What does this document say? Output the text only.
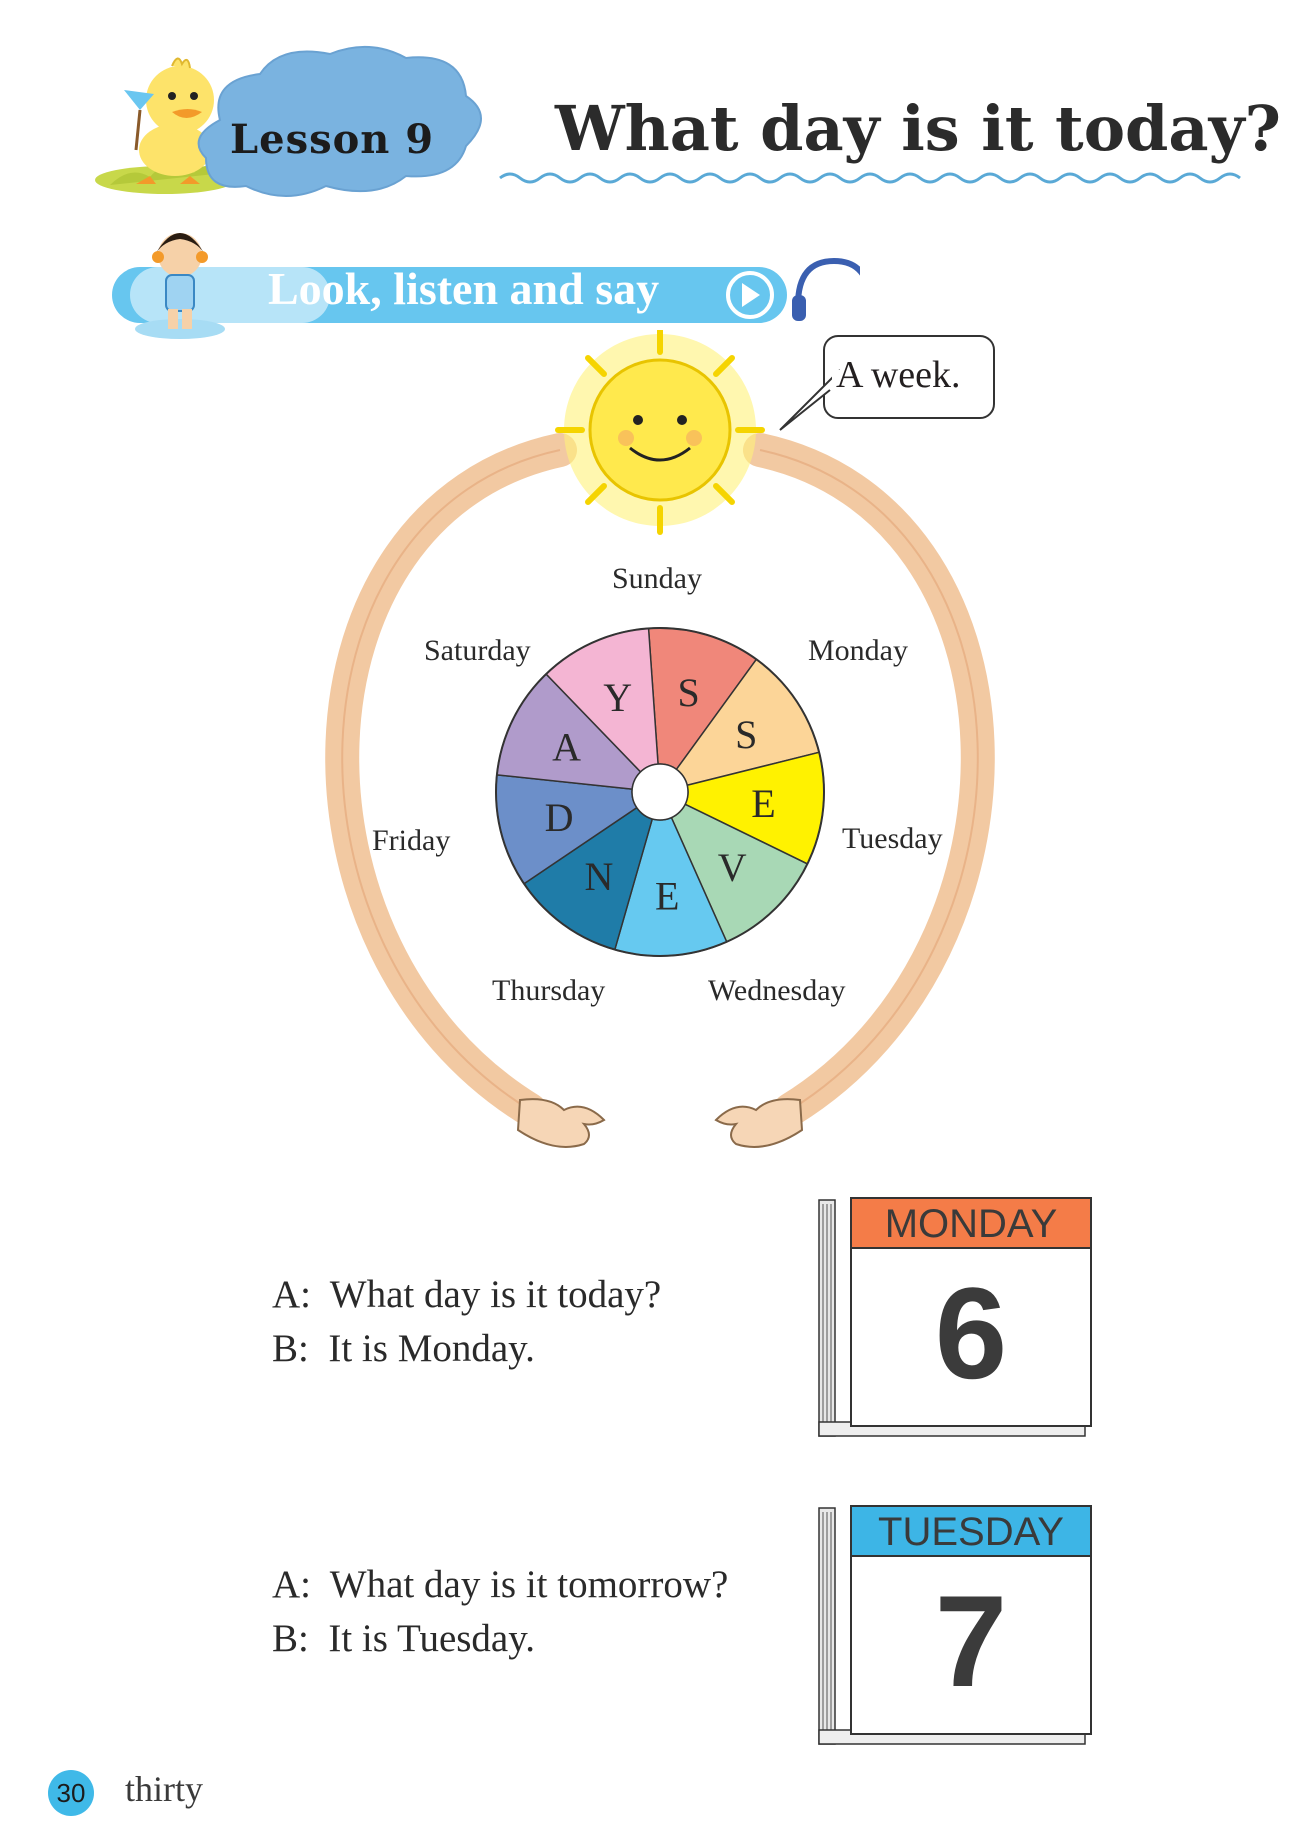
Lesson 9 What day is it today?
Look, listen and say
S
S
E
V
E
N
D
A
Y
A week.
Sunday
Monday
Tuesday
Wednesday
Thursday
Friday
Saturday
A: What day is it today?
B: It is Monday.
MONDAY
6
A: What day is it tomorrow?
B: It is Tuesday.
TUESDAY
7
30 thirty
